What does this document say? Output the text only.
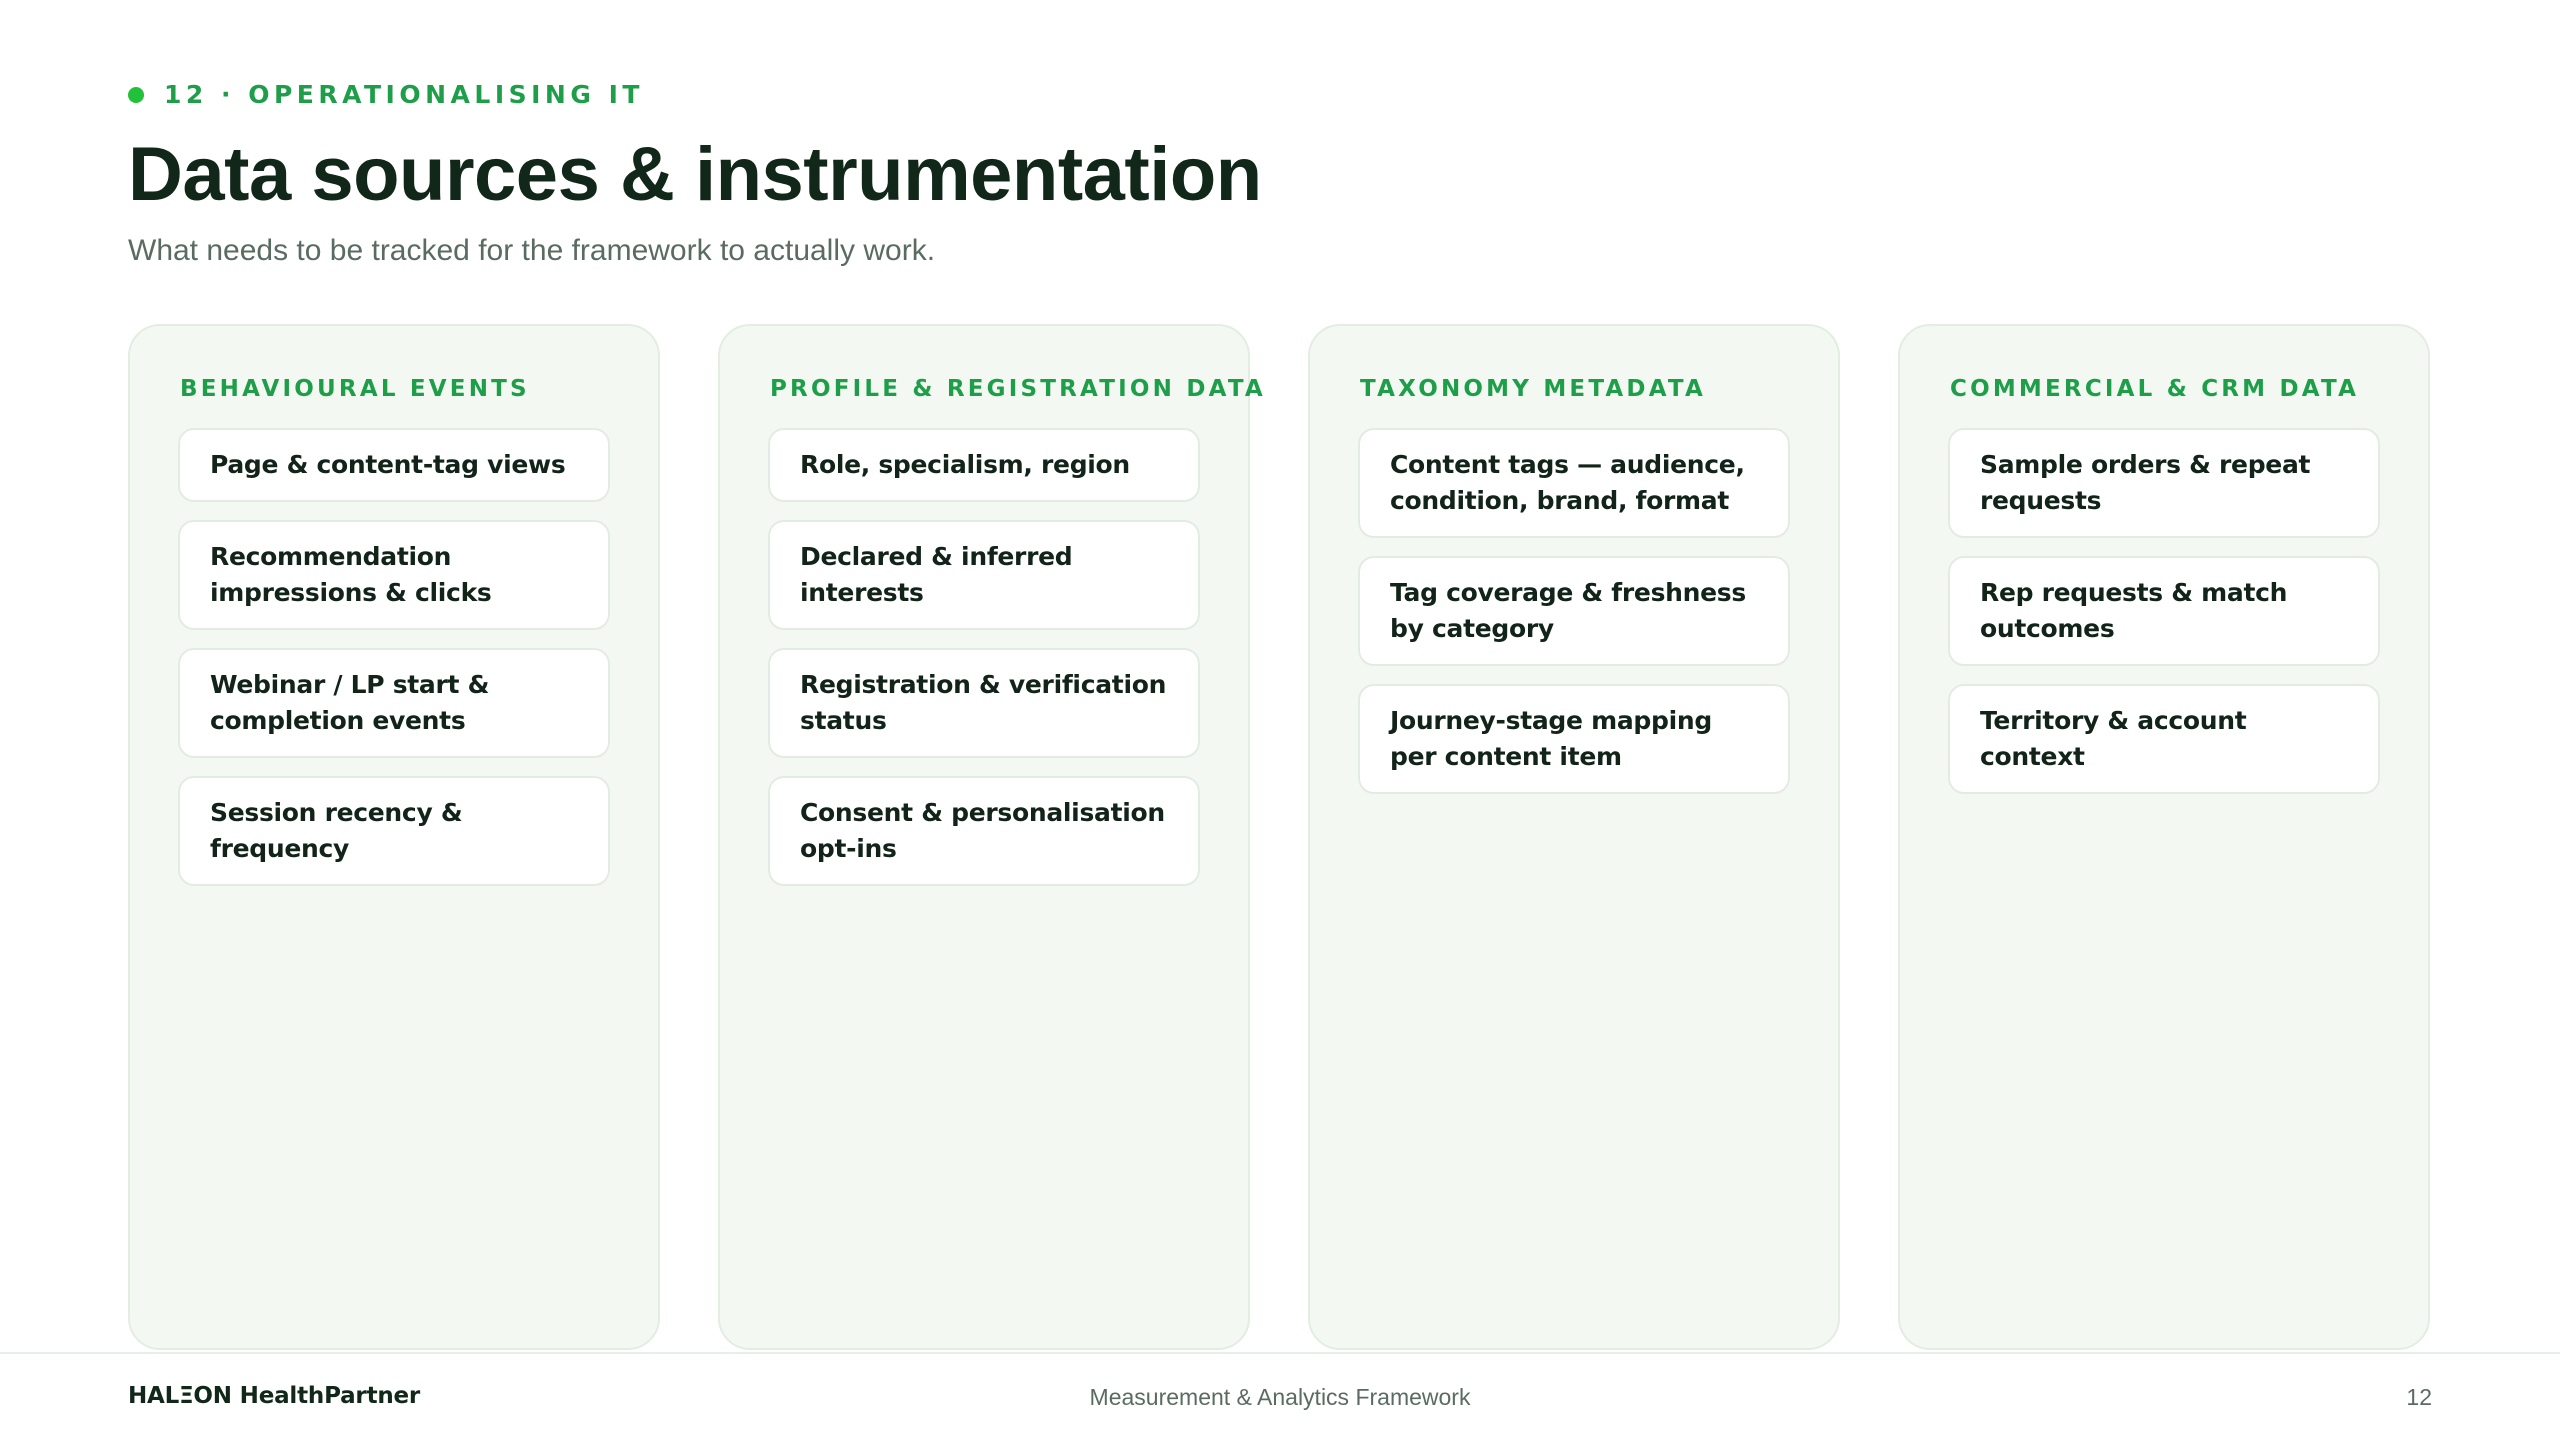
12 · OPERATIONALISING IT
Data sources & instrumentation
What needs to be tracked for the framework to actually work.
BEHAVIOURAL EVENTS
Page & content-tag views
Recommendation impressions & clicks
Webinar / LP start & completion events
Session recency & frequency
PROFILE & REGISTRATION DATA
Role, specialism, region
Declared & inferred interests
Registration & verification status
Consent & personalisation opt-ins
TAXONOMY METADATA
Content tags — audience, condition, brand, format
Tag coverage & freshness by category
Journey-stage mapping per content item
COMMERCIAL & CRM DATA
Sample orders & repeat requests
Rep requests & match outcomes
Territory & account context
HALΞON HealthPartner	Measurement & Analytics Framework	12
